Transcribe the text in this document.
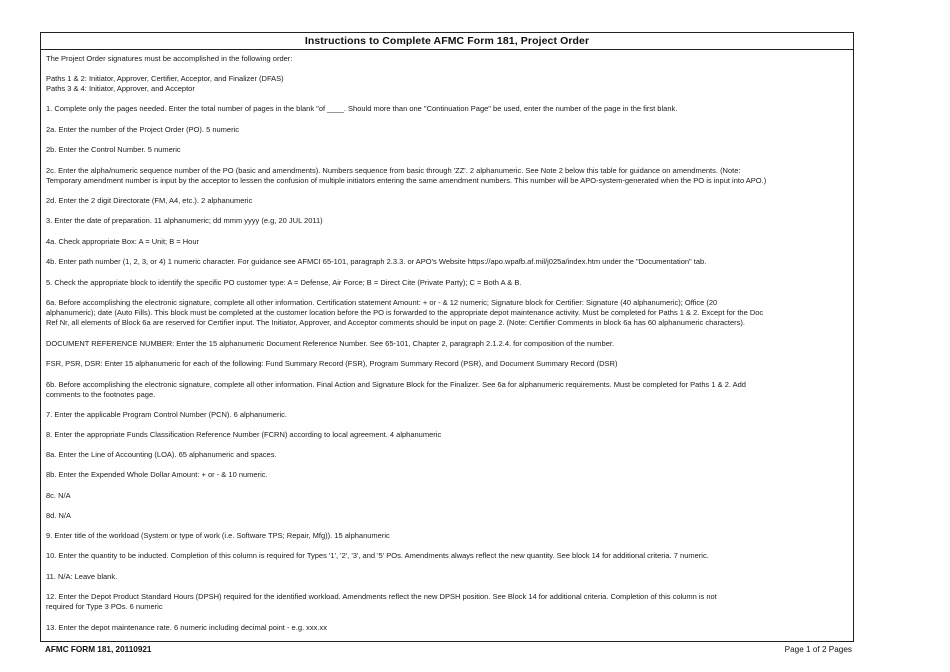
Instructions to Complete AFMC Form 181, Project Order
The Project Order signatures must be accomplished in the following order:
Paths 1 & 2: Initiator, Approver, Certifier, Acceptor, and Finalizer (DFAS)
Paths 3 & 4: Initiator, Approver, and Acceptor
1. Complete only the pages needed. Enter the total number of pages in the blank "of ____. Should more than one "Continuation Page" be used, enter the number of the page in the first blank.
2a. Enter the number of the Project Order (PO). 5 numeric
2b. Enter the Control Number. 5 numeric
2c. Enter the alpha/numeric sequence number of the PO (basic and amendments). Numbers sequence from basic through 'ZZ'. 2 alphanumeric. See Note 2 below this table for guidance on amendments. (Note:
Temporary amendment number is input by the acceptor to lessen the confusion of multiple initiators entering the same amendment numbers. This number will be APO-system-generated when the PO is input into APO.)
2d. Enter the 2 digit Directorate (FM, A4, etc.). 2 alphanumeric
3. Enter the date of preparation. 11 alphanumeric; dd mmm yyyy (e.g, 20 JUL 2011)
4a. Check appropriate Box: A = Unit; B = Hour
4b. Enter path number (1, 2, 3, or 4) 1 numeric character. For guidance see AFMCI 65-101, paragraph 2.3.3. or APO's Website https://apo.wpafb.af.mil/j025a/index.htm under the "Documentation" tab.
5. Check the appropriate block to identify the specific PO customer type: A = Defense, Air Force; B = Direct Cite (Private Party); C = Both A & B.
6a. Before accomplishing the electronic signature, complete all other information. Certification statement Amount: + or - & 12 numeric; Signature block for Certifier: Signature (40 alphanumeric); Office (20
alphanumeric); date (Auto Fills). This block must be completed at the customer location before the PO is forwarded to the appropriate depot maintenance activity. Must be completed for Paths 1 & 2. Except for the Doc
Ref Nr, all elements of Block 6a are reserved for Certifier input. The Initiator, Approver, and Acceptor comments should be input on page 2. (Note: Certifier Comments in block 6a has 60 alphanumeric characters).
DOCUMENT REFERENCE NUMBER: Enter the 15 alphanumeric Document Reference Number. See 65-101, Chapter 2, paragraph 2.1.2.4. for composition of the number.
FSR, PSR, DSR: Enter 15 alphanumeric for each of the following: Fund Summary Record (FSR), Program Summary Record (PSR), and Document Summary Record (DSR)
6b. Before accomplishing the electronic signature, complete all other information. Final Action and Signature Block for the Finalizer. See 6a for alphanumeric requirements. Must be completed for Paths 1 & 2. Add
comments to the footnotes page.
7. Enter the applicable Program Control Number (PCN). 6 alphanumeric.
8. Enter the appropriate Funds Classification Reference Number (FCRN) according to local agreement. 4 alphanumeric
8a. Enter the Line of Accounting (LOA). 65 alphanumeric and spaces.
8b. Enter the Expended Whole Dollar Amount: + or - & 10 numeric.
8c. N/A
8d. N/A
9. Enter title of the workload (System or type of work (i.e. Software TPS; Repair, Mfg)). 15 alphanumeric
10. Enter the quantity to be inducted. Completion of this column is required for Types '1', '2', '3', and '5' POs. Amendments always reflect the new quantity. See block 14 for additional criteria. 7 numeric.
11. N/A: Leave blank.
12. Enter the Depot Product Standard Hours (DPSH) required for the identified workload. Amendments reflect the new DPSH position. See Block 14 for additional criteria. Completion of this column is not
required for Type 3 POs. 6 numeric
13. Enter the depot maintenance rate. 6 numeric including decimal point - e.g. xxx.xx
AFMC FORM 181, 20110921	Page 1 of 2 Pages
